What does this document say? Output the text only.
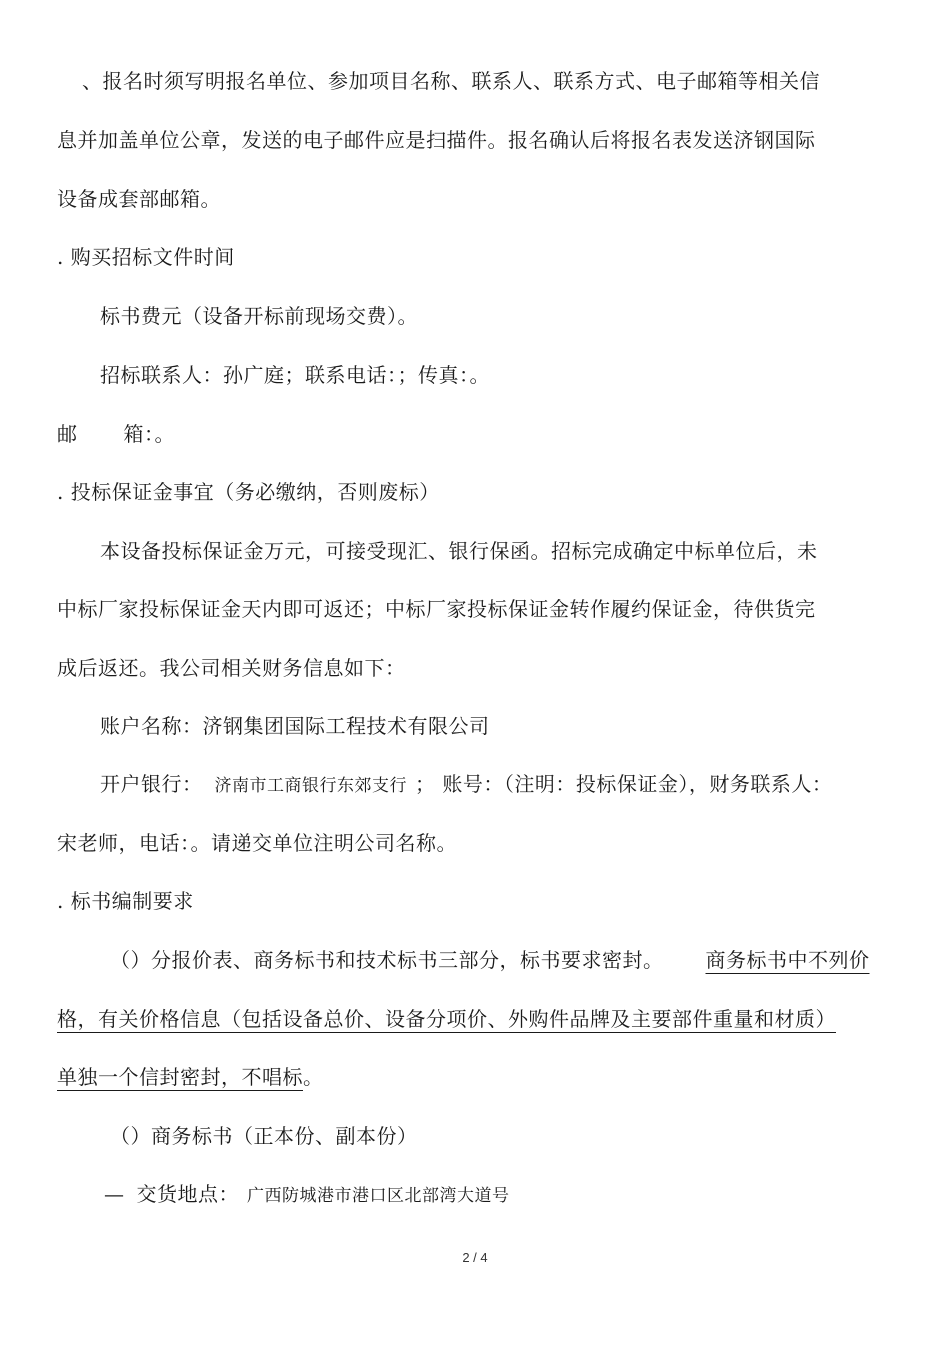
、报名时须写明报名单位、参加项目名称、联系人、联系方式、电子邮箱等相关信
息并加盖单位公章，发送的电子邮件应是扫描件。报名确认后将报名表发送济钢国际
设备成套部邮箱。
. 购买招标文件时间
标书费元（设备开标前现场交费）。
招标联系人：孙广庭；联系电话：；传真：。
邮 箱：。
. 投标保证金事宜（务必缴纳，否则废标）
本设备投标保证金万元，可接受现汇、银行保函。招标完成确定中标单位后，未
中标厂家投标保证金天内即可返还；中标厂家投标保证金转作履约保证金，待供货完
成后返还。我公司相关财务信息如下：
账户名称：济钢集团国际工程技术有限公司
开户银行： 济南市工商银行东郊支行 ； 账号：（注明：投标保证金），财务联系人：
宋老师，电话：。请递交单位注明公司名称。
. 标书编制要求
（）分报价表、商务标书和技术标书三部分，标书要求密封。 商务标书中不列价
格，有关价格信息（包括设备总价、设备分项价、外购件品牌及主要部件重量和材质）
单独一个信封密封，不唱标。
（）商务标书（正本份、副本份）
— 交货地点： 广西防城港市港口区北部湾大道号
2 / 4
